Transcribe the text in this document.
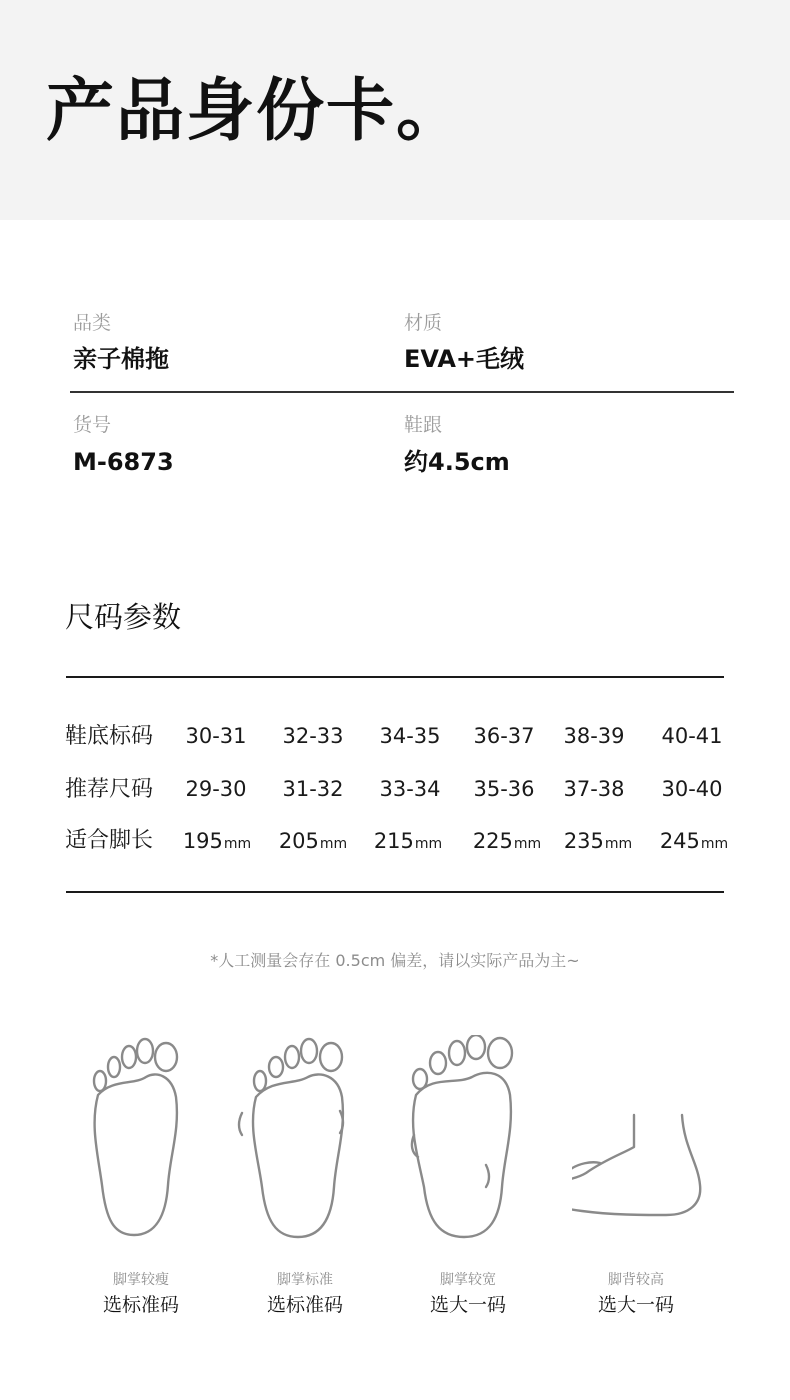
产品身份卡。
品类
亲子棉拖
材质
EVA+毛绒
货号
M-6873
鞋跟
约4.5cm
尺码参数
鞋底标码	30-31	32-33	34-35	36-37	38-39	40-41
推荐尺码	29-30	31-32	33-34	35-36	37-38	30-40
适合脚长	195mm	205mm	215mm	225mm	235mm	245mm
*人工测量会存在 0.5cm 偏差，请以实际产品为主~
脚掌较瘦
选标准码
脚掌标准
选标准码
脚掌较宽
选大一码
脚背较高
选大一码
